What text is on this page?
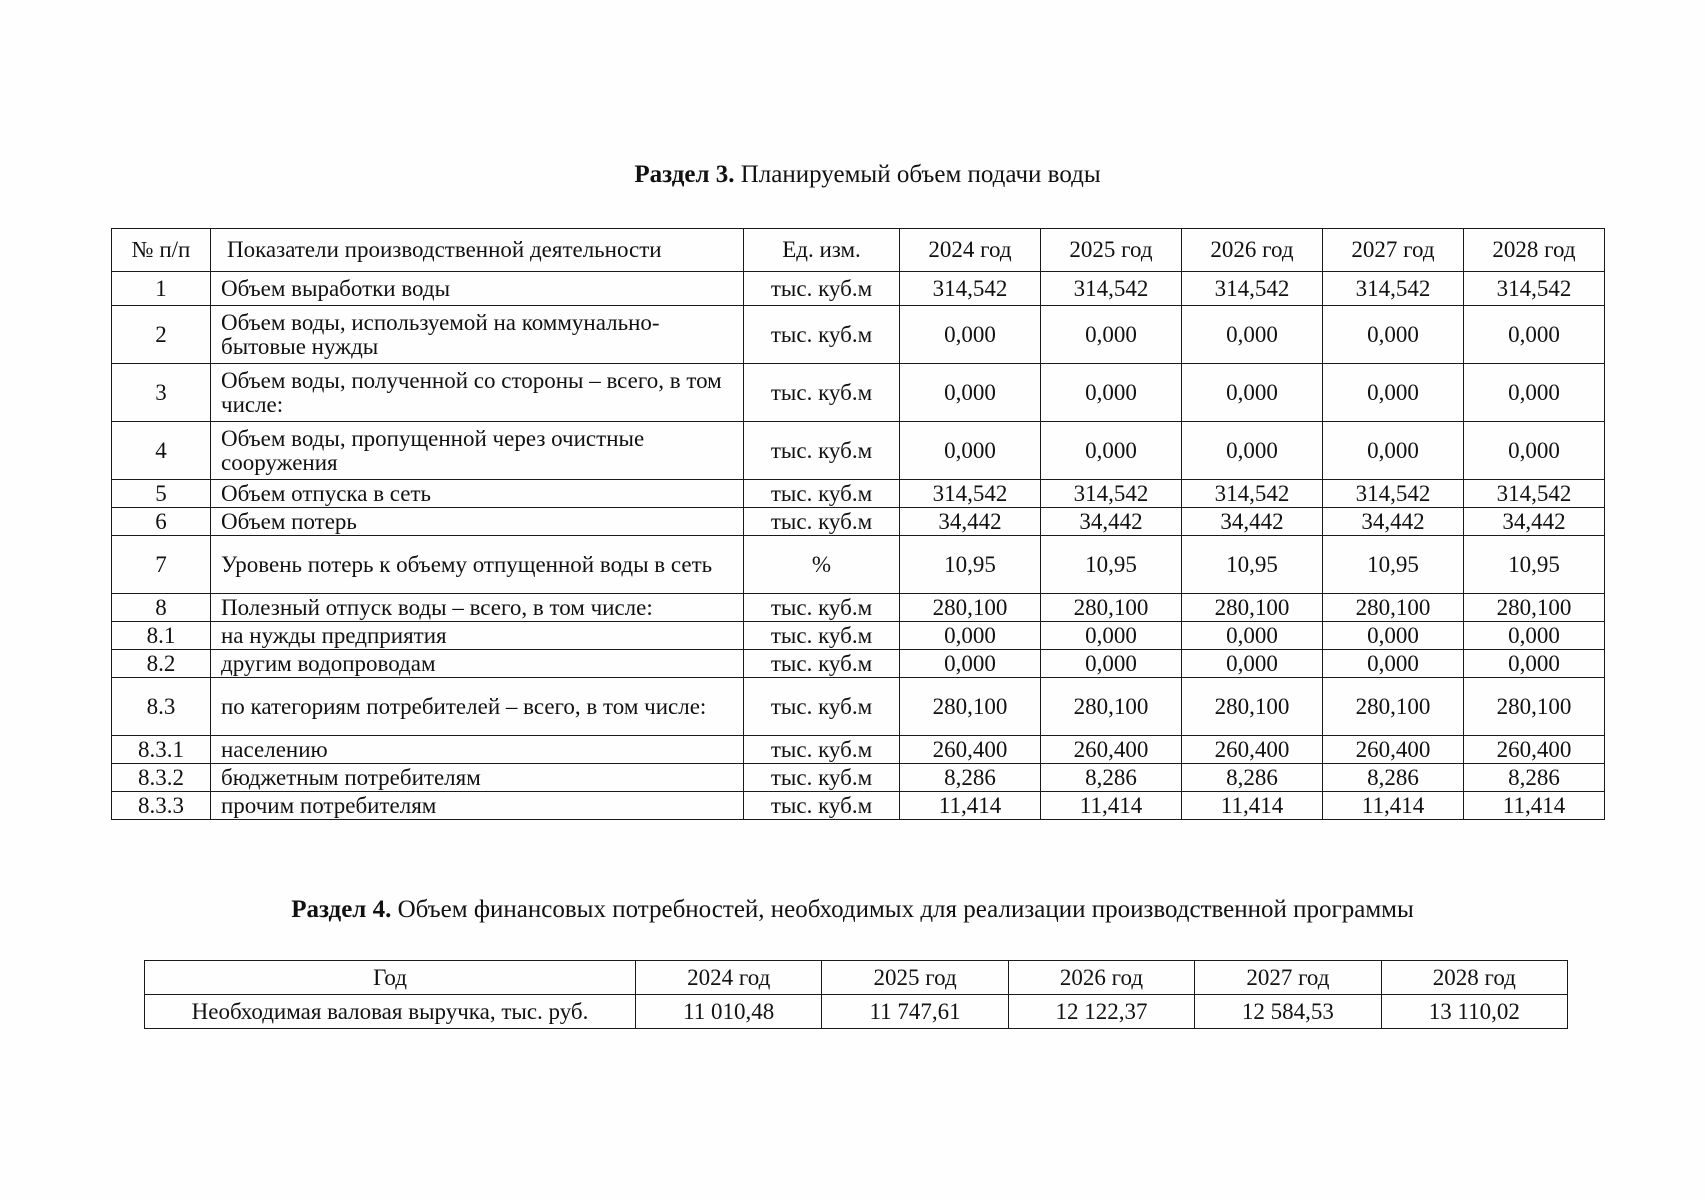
Раздел 3. Планируемый объем подачи воды
№ п/п	Показатели производственной деятельности	Ед. изм.	2024 год	2025 год	2026 год	2027 год	2028 год
1	Объем выработки воды	тыс. куб.м	314,542	314,542	314,542	314,542	314,542
2	Объем воды, используемой на коммунально-бытовые нужды	тыс. куб.м	0,000	0,000	0,000	0,000	0,000
3	Объем воды, полученной со стороны – всего, в том числе:	тыс. куб.м	0,000	0,000	0,000	0,000	0,000
4	Объем воды, пропущенной через очистные сооружения	тыс. куб.м	0,000	0,000	0,000	0,000	0,000
5	Объем отпуска в сеть	тыс. куб.м	314,542	314,542	314,542	314,542	314,542
6	Объем потерь	тыс. куб.м	34,442	34,442	34,442	34,442	34,442
7	Уровень потерь к объему отпущенной воды в сеть	%	10,95	10,95	10,95	10,95	10,95
8	Полезный отпуск воды – всего, в том числе:	тыс. куб.м	280,100	280,100	280,100	280,100	280,100
8.1	на нужды предприятия	тыс. куб.м	0,000	0,000	0,000	0,000	0,000
8.2	другим водопроводам	тыс. куб.м	0,000	0,000	0,000	0,000	0,000
8.3	по категориям потребителей – всего, в том числе:	тыс. куб.м	280,100	280,100	280,100	280,100	280,100
8.3.1	населению	тыс. куб.м	260,400	260,400	260,400	260,400	260,400
8.3.2	бюджетным потребителям	тыс. куб.м	8,286	8,286	8,286	8,286	8,286
8.3.3	прочим потребителям	тыс. куб.м	11,414	11,414	11,414	11,414	11,414
Раздел 4. Объем финансовых потребностей, необходимых для реализации производственной программы
Год	2024 год	2025 год	2026 год	2027 год	2028 год
Необходимая валовая выручка, тыс. руб.	11 010,48	11 747,61	12 122,37	12 584,53	13 110,02
